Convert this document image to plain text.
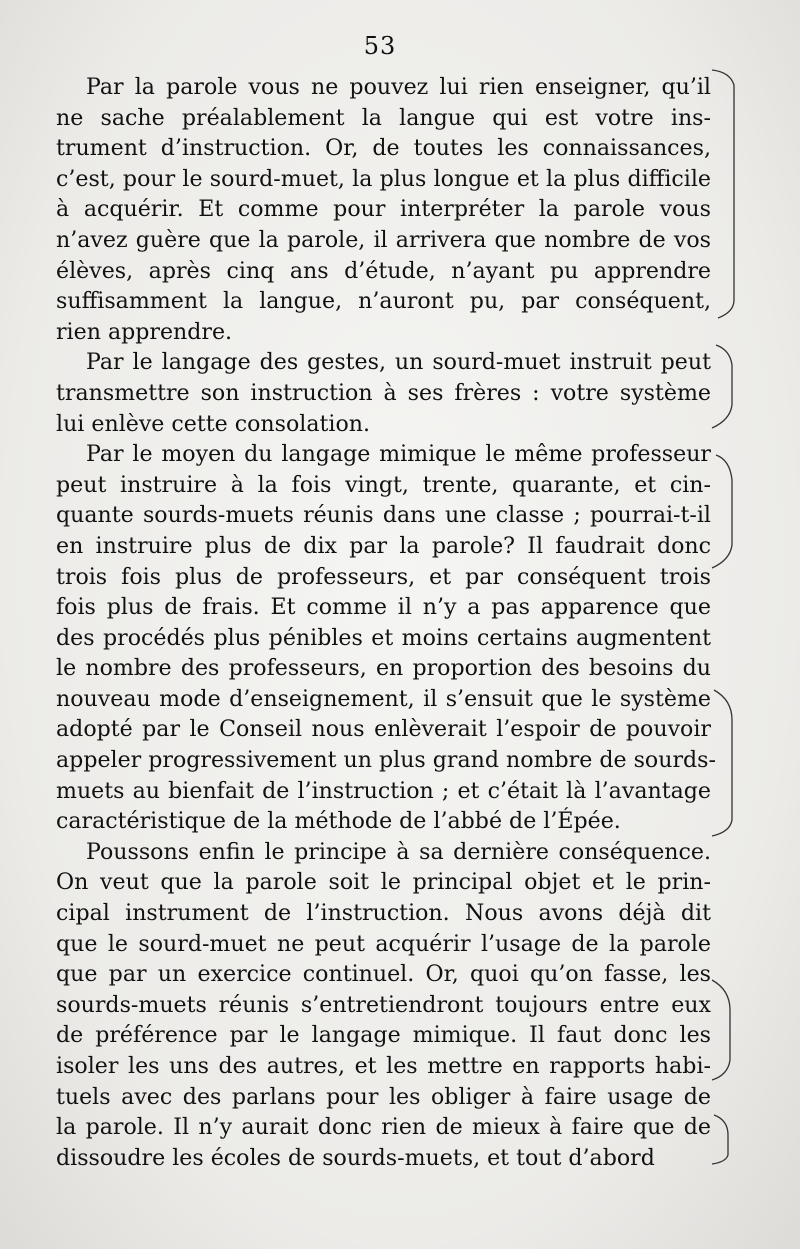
53
Par la parole vous ne pouvez lui rien enseigner, qu’il
ne sache préalablement la langue qui est votre ins-
trument d’instruction. Or, de toutes les connaissances,
c’est, pour le sourd-muet, la plus longue et la plus difficile
à acquérir. Et comme pour interpréter la parole vous
n’avez guère que la parole, il arrivera que nombre de vos
élèves, après cinq ans d’étude, n’ayant pu apprendre
suffisamment la langue, n’auront pu, par conséquent,
rien apprendre.
Par le langage des gestes, un sourd-muet instruit peut
transmettre son instruction à ses frères : votre système
lui enlève cette consolation.
Par le moyen du langage mimique le même professeur
peut instruire à la fois vingt, trente, quarante, et cin-
quante sourds-muets réunis dans une classe ; pourrai-t-il
en instruire plus de dix par la parole? Il faudrait donc
trois fois plus de professeurs, et par conséquent trois
fois plus de frais. Et comme il n’y a pas apparence que
des procédés plus pénibles et moins certains augmentent
le nombre des professeurs, en proportion des besoins du
nouveau mode d’enseignement, il s’ensuit que le système
adopté par le Conseil nous enlèverait l’espoir de pouvoir
appeler progressivement un plus grand nombre de sourds-
muets au bienfait de l’instruction ; et c’était là l’avantage
caractéristique de la méthode de l’abbé de l’Épée.
Poussons enfin le principe à sa dernière conséquence.
On veut que la parole soit le principal objet et le prin-
cipal instrument de l’instruction. Nous avons déjà dit
que le sourd-muet ne peut acquérir l’usage de la parole
que par un exercice continuel. Or, quoi qu’on fasse, les
sourds-muets réunis s’entretiendront toujours entre eux
de préférence par le langage mimique. Il faut donc les
isoler les uns des autres, et les mettre en rapports habi-
tuels avec des parlans pour les obliger à faire usage de
la parole. Il n’y aurait donc rien de mieux à faire que de
dissoudre les écoles de sourds-muets, et tout d’abord
